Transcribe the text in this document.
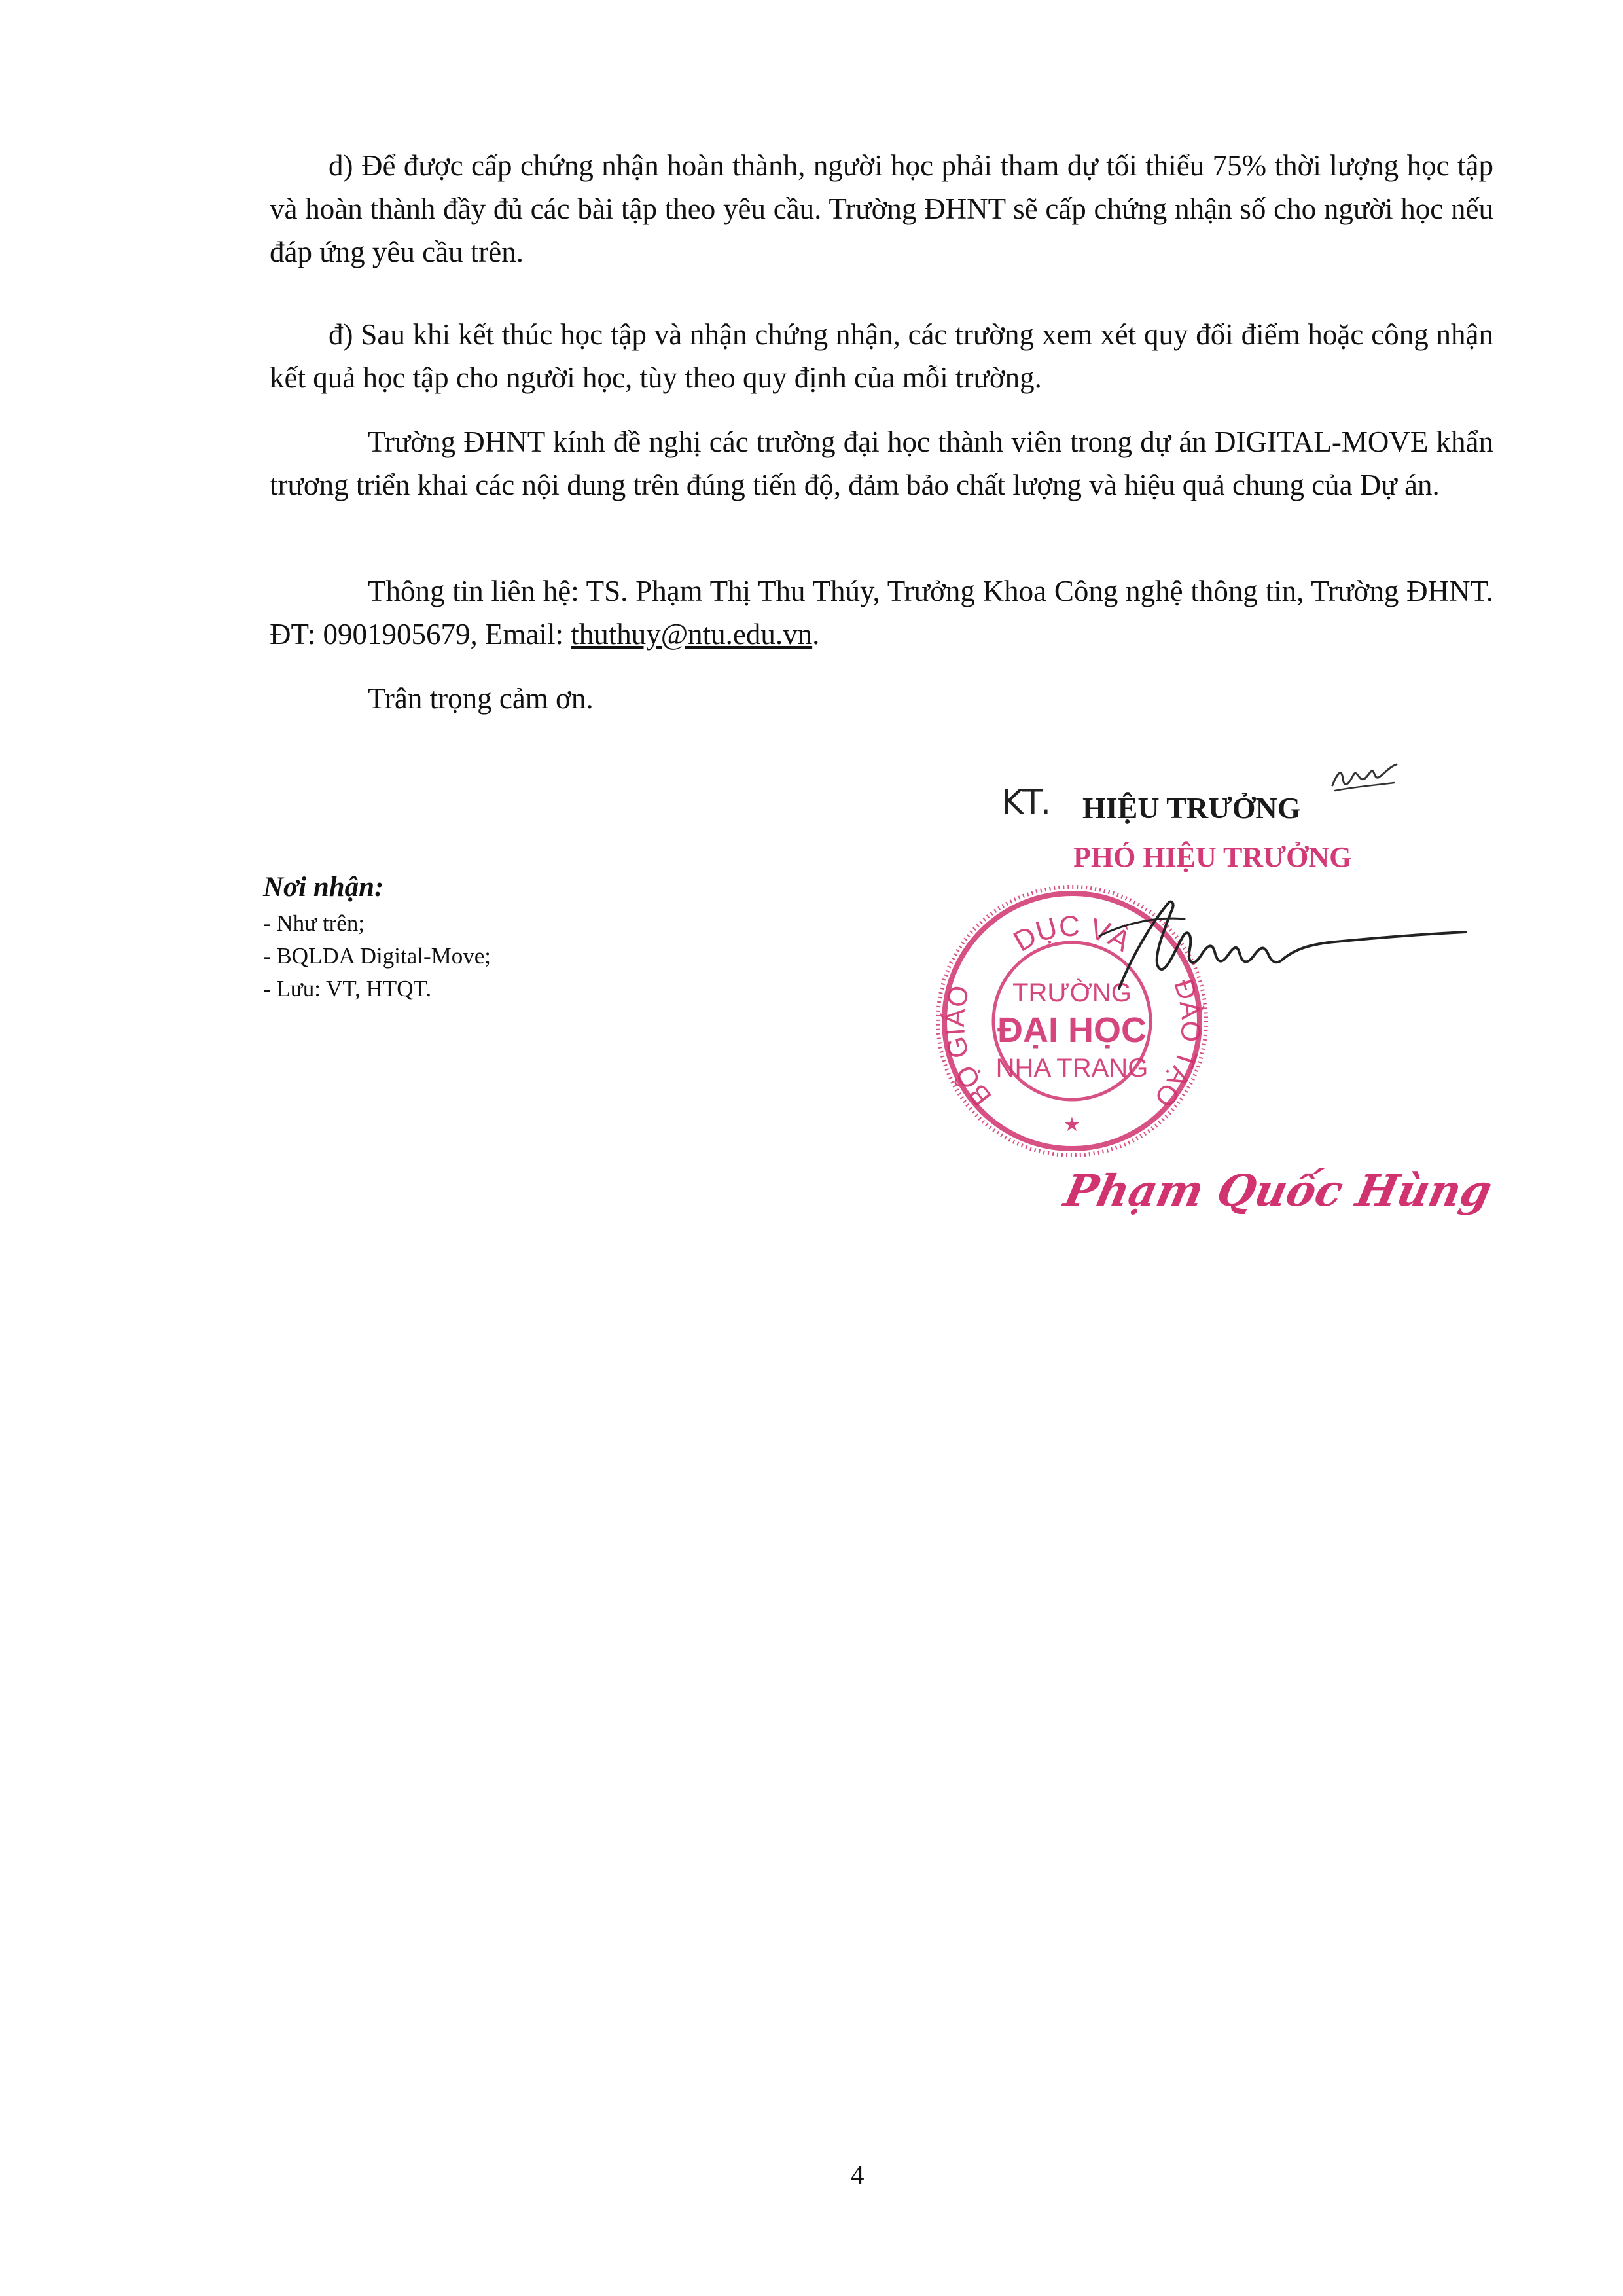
d) Để được cấp chứng nhận hoàn thành, người học phải tham dự tối thiểu 75% thời lượng học tập và hoàn thành đầy đủ các bài tập theo yêu cầu. Trường ĐHNT sẽ cấp chứng nhận số cho người học nếu đáp ứng yêu cầu trên.

đ) Sau khi kết thúc học tập và nhận chứng nhận, các trường xem xét quy đổi điểm hoặc công nhận kết quả học tập cho người học, tùy theo quy định của mỗi trường.

Trường ĐHNT kính đề nghị các trường đại học thành viên trong dự án DIGITAL-MOVE khẩn trương triển khai các nội dung trên đúng tiến độ, đảm bảo chất lượng và hiệu quả chung của Dự án.

Thông tin liên hệ: TS. Phạm Thị Thu Thúy, Trưởng Khoa Công nghệ thông tin, Trường ĐHNT. ĐT: 0901905679, Email: thuthuy@ntu.edu.vn.

Trân trọng cảm ơn.

Nơi nhận:
- Như trên;
- BQLDA Digital-Move;
- Lưu: VT, HTQT.
KT. HIỆU TRƯỞNG
PHÓ HIỆU TRƯỞNG
DỤC VÀ
BỘ GIÁO	ĐÀO TẠO
TRƯỜNG
ĐẠI HỌC
NHA TRANG
★
Phạm Quốc Hùng
4
